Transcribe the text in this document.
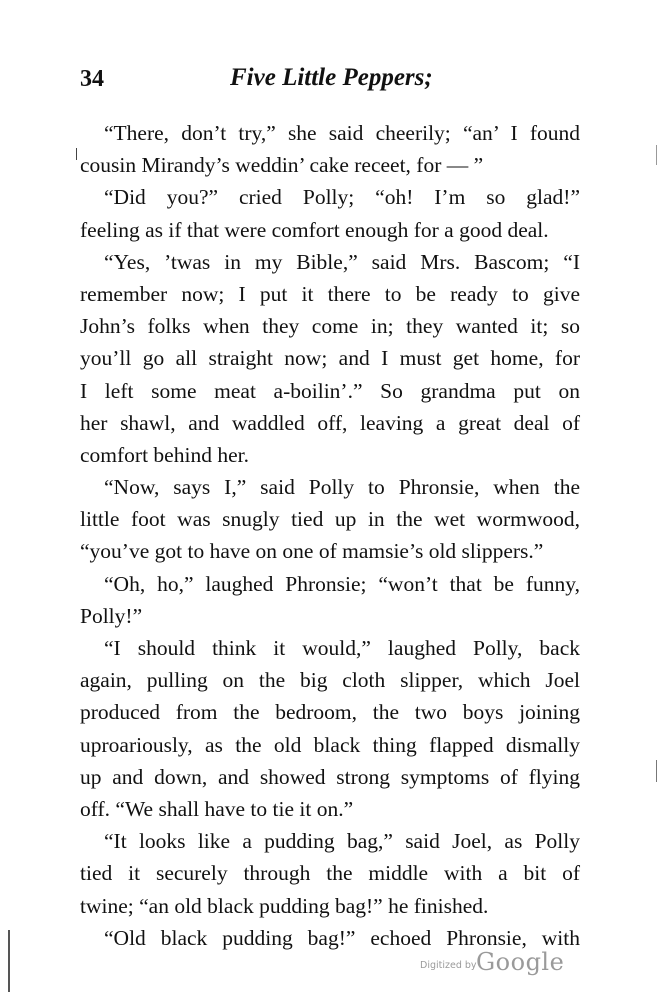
34	Five Little Peppers;
“There, don’t try,” she said cheerily; “an’ I found
cousin Mirandy’s weddin’ cake receet, for — ”
“Did you?” cried Polly; “oh! I’m so glad!”
feeling as if that were comfort enough for a good deal.
“Yes, ’twas in my Bible,” said Mrs. Bascom; “I
remember now; I put it there to be ready to give
John’s folks when they come in; they wanted it; so
you’ll go all straight now; and I must get home, for
I left some meat a-boilin’.” So grandma put on
her shawl, and waddled off, leaving a great deal of
comfort behind her.
“Now, says I,” said Polly to Phronsie, when the
little foot was snugly tied up in the wet wormwood,
“you’ve got to have on one of mamsie’s old slippers.”
“Oh, ho,” laughed Phronsie; “won’t that be funny,
Polly!”
“I should think it would,” laughed Polly, back
again, pulling on the big cloth slipper, which Joel
produced from the bedroom, the two boys joining
uproariously, as the old black thing flapped dismally
up and down, and showed strong symptoms of flying
off. “We shall have to tie it on.”
“It looks like a pudding bag,” said Joel, as Polly
tied it securely through the middle with a bit of
twine; “an old black pudding bag!” he finished.
“Old black pudding bag!” echoed Phronsie, with
Digitized by Google
